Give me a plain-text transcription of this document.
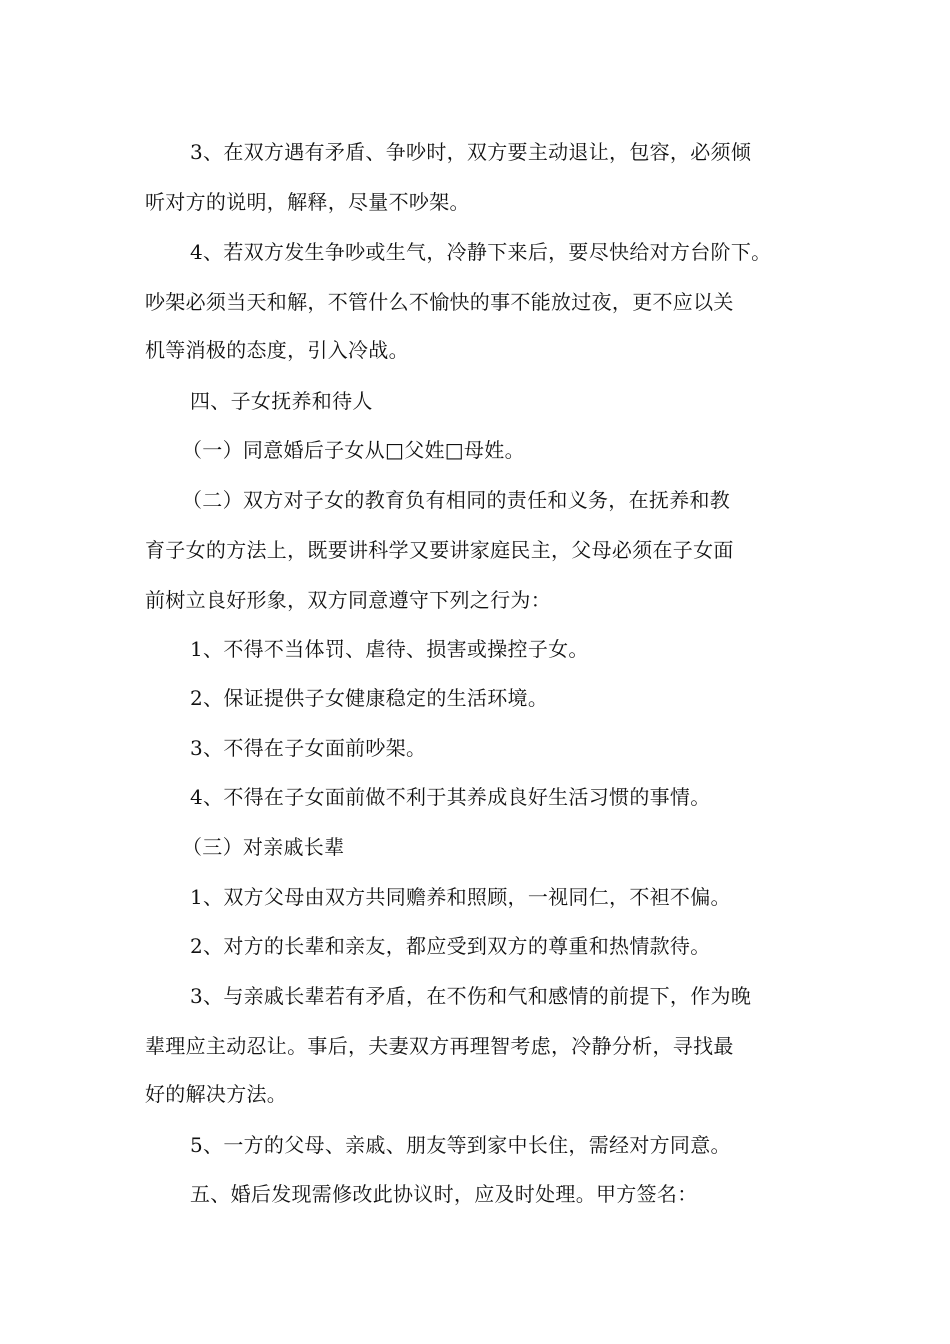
3、在双方遇有矛盾、争吵时，双方要主动退让，包容，必须倾
听对方的说明，解释，尽量不吵架。
4、若双方发生争吵或生气，冷静下来后，要尽快给对方台阶下。
吵架必须当天和解，不管什么不愉快的事不能放过夜，更不应以关
机等消极的态度，引入冷战。
四、子女抚养和待人
（一）同意婚后子女从□父姓□母姓。
（二）双方对子女的教育负有相同的责任和义务，在抚养和教
育子女的方法上，既要讲科学又要讲家庭民主，父母必须在子女面
前树立良好形象，双方同意遵守下列之行为：
1、不得不当体罚、虐待、损害或操控子女。
2、保证提供子女健康稳定的生活环境。
3、不得在子女面前吵架。
4、不得在子女面前做不利于其养成良好生活习惯的事情。
（三）对亲戚长辈
1、双方父母由双方共同赡养和照顾，一视同仁，不袒不偏。
2、对方的长辈和亲友，都应受到双方的尊重和热情款待。
3、与亲戚长辈若有矛盾，在不伤和气和感情的前提下，作为晚
辈理应主动忍让。事后，夫妻双方再理智考虑，冷静分析，寻找最
好的解决方法。
5、一方的父母、亲戚、朋友等到家中长住，需经对方同意。
五、婚后发现需修改此协议时，应及时处理。甲方签名：
